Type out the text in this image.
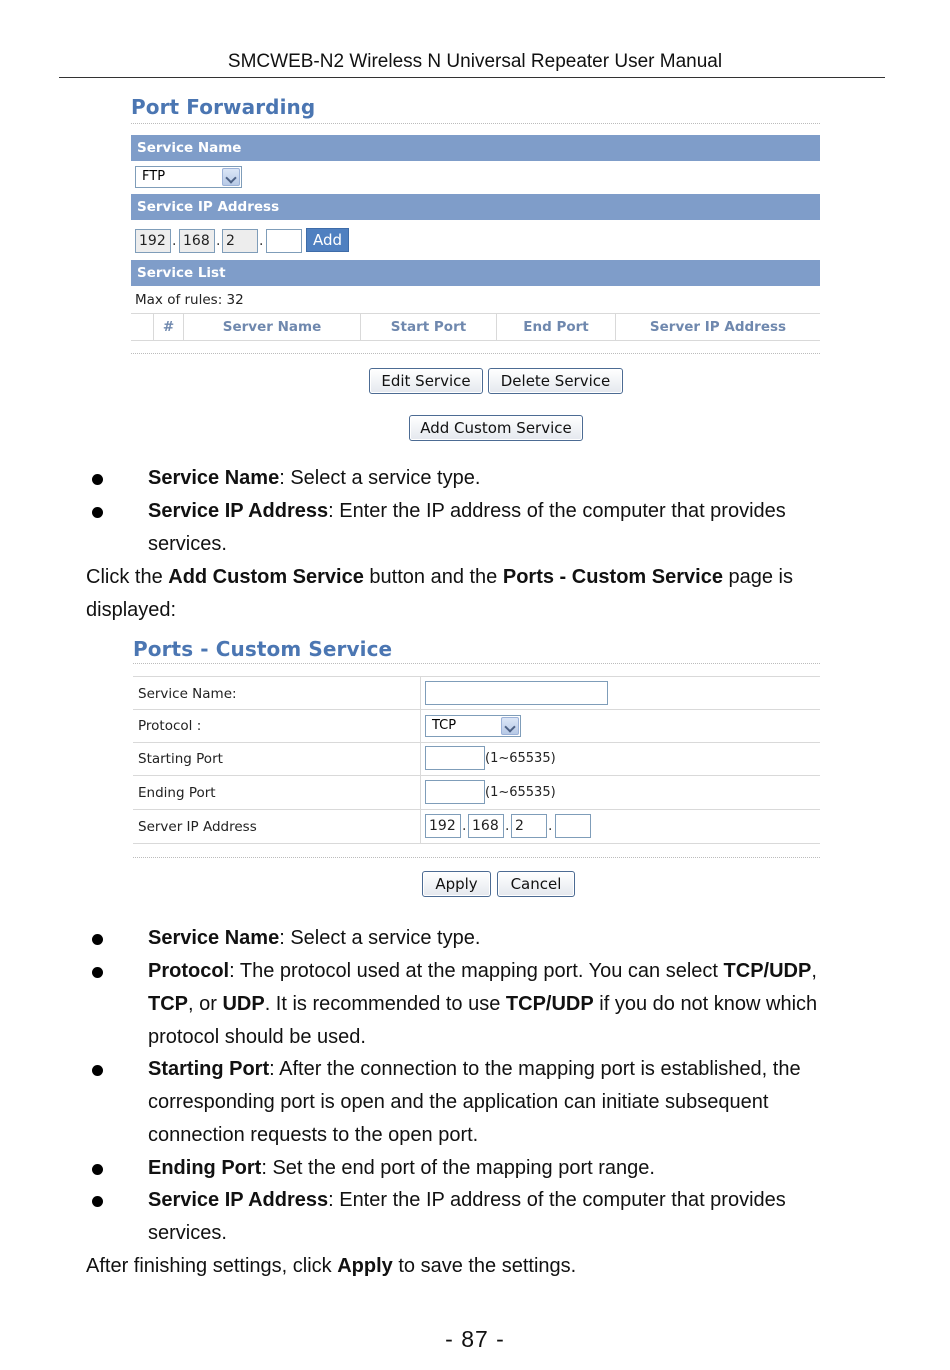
SMCWEB-N2 Wireless N Universal Repeater User Manual
Port Forwarding
Service Name
FTP
Service IP Address
192 . 168 . 2	.	Add
Service List
Max of rules: 32
#	Server Name	Start Port	End Port	Server IP Address
Edit Service	Delete Service
Add Custom Service
Service Name: Select a service type.
Service IP Address: Enter the IP address of the computer that provides
services.
Click the Add Custom Service button and the Ports - Custom Service page is
displayed:
Ports - Custom Service
Service Name:
Protocol :	TCP
Starting Port	(1~65535)
Ending Port	(1~65535)
Server IP Address	192 . 168 . 2	.
Apply	Cancel
Service Name: Select a service type.
Protocol: The protocol used at the mapping port. You can select TCP/UDP,
TCP, or UDP. It is recommended to use TCP/UDP if you do not know which
protocol should be used.
Starting Port: After the connection to the mapping port is established, the
corresponding port is open and the application can initiate subsequent
connection requests to the open port.
Ending Port: Set the end port of the mapping port range.
Service IP Address: Enter the IP address of the computer that provides
services.
After finishing settings, click Apply to save the settings.
- 87 -
